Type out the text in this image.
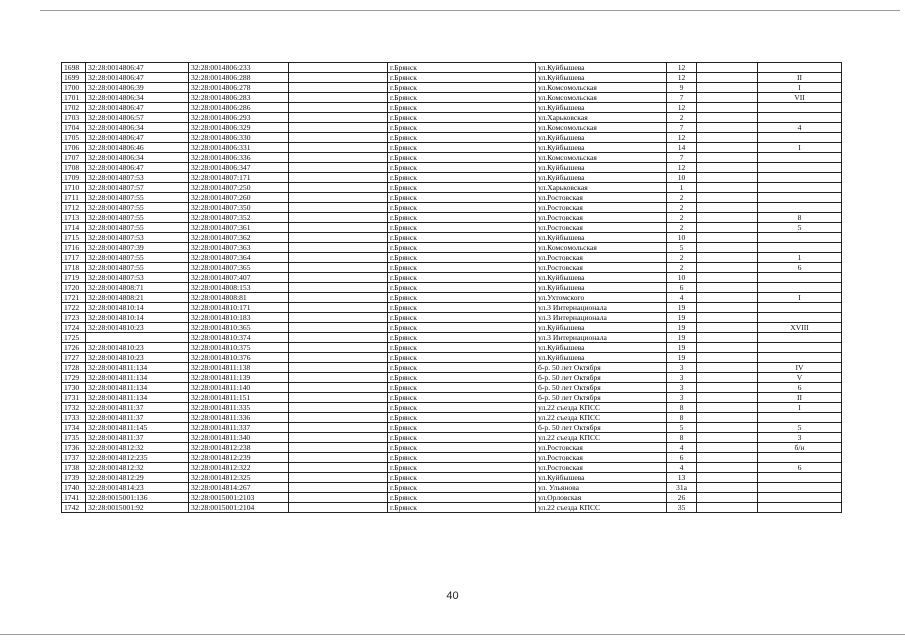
1698	32:28:0014806:47	32:28:0014806:233		г.Брянск	ул.Куйбышева	12		
1699	32:28:0014806:47	32:28:0014806:288		г.Брянск	ул.Куйбышева	12		II
1700	32:28:0014806:39	32:28:0014806:278		г.Брянск	ул.Комсомольская	9		I
1701	32:28:0014806:34	32:28:0014806:283		г.Брянск	ул.Комсомольская	7		VII
1702	32:28:0014806:47	32:28:0014806:286		г.Брянск	ул.Куйбышева	12		
1703	32:28:0014806:57	32:28:0014806:293		г.Брянск	ул.Харьковская	2		
1704	32:28:0014806:34	32:28:0014806:329		г.Брянск	ул.Комсомольская	7		4
1705	32:28:0014806:47	32:28:0014806:330		г.Брянск	ул.Куйбышева	12		
1706	32:28:0014806:46	32:28:0014806:331		г.Брянск	ул.Куйбышева	14		I
1707	32:28:0014806:34	32:28:0014806:336		г.Брянск	ул.Комсомольская	7		
1708	32:28:0014806:47	32:28:0014806:347		г.Брянск	ул.Куйбышева	12		
1709	32:28:0014807:53	32:28:0014807:171		г.Брянск	ул.Куйбышева	10		
1710	32:28:0014807:57	32:28:0014807:250		г.Брянск	ул.Харьковская	1		
1711	32:28:0014807:55	32:28:0014807:260		г.Брянск	ул.Ростовская	2		
1712	32:28:0014807:55	32:28:0014807:350		г.Брянск	ул.Ростовская	2		
1713	32:28:0014807:55	32:28:0014807:352		г.Брянск	ул.Ростовская	2		8
1714	32:28:0014807:55	32:28:0014807:361		г.Брянск	ул.Ростовская	2		5
1715	32:28:0014807:53	32:28:0014807:362		г.Брянск	ул.Куйбышева	10		
1716	32:28:0014807:39	32:28:0014807:363		г.Брянск	ул.Комсомольская	5		
1717	32:28:0014807:55	32:28:0014807:364		г.Брянск	ул.Ростовская	2		1
1718	32:28:0014807:55	32:28:0014807:365		г.Брянск	ул.Ростовская	2		6
1719	32:28:0014807:53	32:28:0014807:407		г.Брянск	ул.Куйбышева	10		
1720	32:28:0014808:71	32:28:0014808:153		г.Брянск	ул.Куйбышева	6		
1721	32:28:0014808:21	32:28:0014808:81		г.Брянск	ул.Ухтомского	4		I
1722	32:28:0014810:14	32:28:0014810:171		г.Брянск	ул.3 Интернационала	19		
1723	32:28:0014810:14	32:28:0014810:183		г.Брянск	ул.3 Интернационала	19		
1724	32:28:0014810:23	32:28:0014810:365		г.Брянск	ул.Куйбышева	19		XVIII
1725		32:28:0014810:374		г.Брянск	ул.3 Интернационала	19		
1726	32:28:0014810:23	32:28:0014810:375		г.Брянск	ул.Куйбышева	19		
1727	32:28:0014810:23	32:28:0014810:376		г.Брянск	ул.Куйбышева	19		
1728	32:28:0014811:134	32:28:0014811:138		г.Брянск	б-р. 50 лет Октября	3		IV
1729	32:28:0014811:134	32:28:0014811:139		г.Брянск	б-р. 50 лет Октября	3		V
1730	32:28:0014811:134	32:28:0014811:140		г.Брянск	б-р. 50 лет Октября	3		6
1731	32:28:0014811:134	32:28:0014811:151		г.Брянск	б-р. 50 лет Октября	3		II
1732	32:28:0014811:37	32:28:0014811:335		г.Брянск	ул.22 съезда КПСС	8		I
1733	32:28:0014811:37	32:28:0014811:336		г.Брянск	ул.22 съезда КПСС	8		
1734	32:28:0014811:145	32:28:0014811:337		г.Брянск	б-р. 50 лет Октября	5		5
1735	32:28:0014811:37	32:28:0014811:340		г.Брянск	ул.22 съезда КПСС	8		3
1736	32:28:0014812:32	32:28:0014812:238		г.Брянск	ул.Ростовская	4		б/н
1737	32:28:0014812:235	32:28:0014812:239		г.Брянск	ул.Ростовская	6		
1738	32:28:0014812:32	32:28:0014812:322		г.Брянск	ул.Ростовская	4		6
1739	32:28:0014812:29	32:28:0014812:325		г.Брянск	ул.Куйбышева	13		
1740	32:28:0014814:23	32:28:0014814:267		г.Брянск	ул. Ульянова	31а		
1741	32:28:0015001:136	32:28:0015001:2103		г.Брянск	ул.Орловская	26		
1742	32:28:0015001:92	32:28:0015001:2104		г.Брянск	ул.22 съезда КПСС	35		
40
